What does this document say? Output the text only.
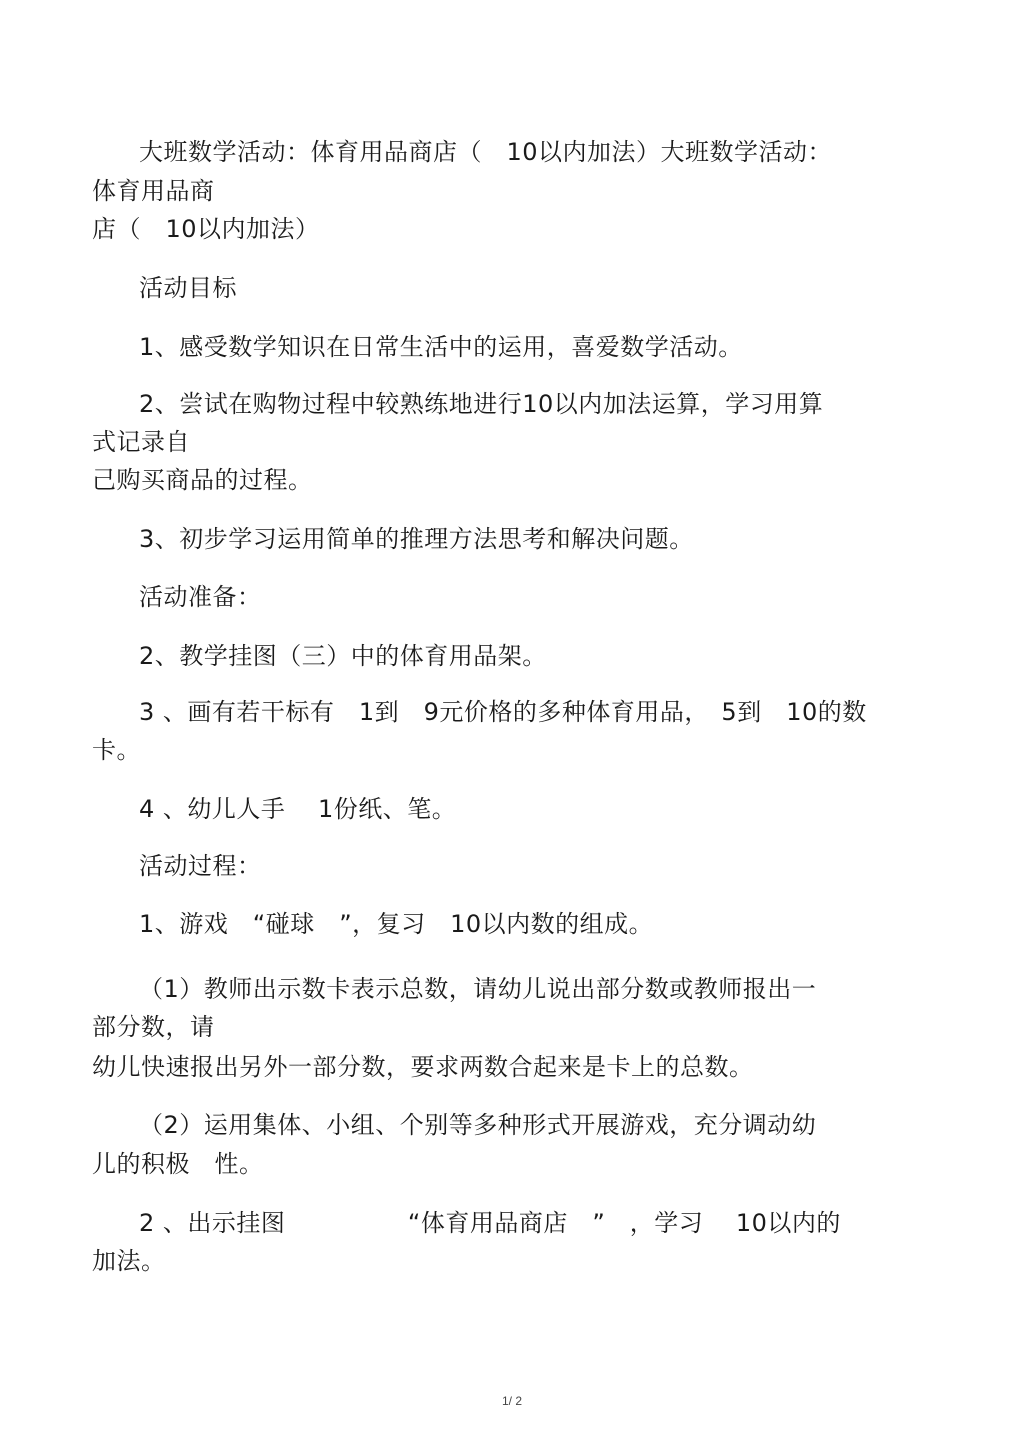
大班数学活动：体育用品商店（　10以内加法）大班数学活动：
体育用品商
店（　10以内加法）
活动目标
1、感受数学知识在日常生活中的运用，喜爱数学活动。
2、尝试在购物过程中较熟练地进行10以内加法运算，学习用算
式记录自
己购买商品的过程。
3、初步学习运用简单的推理方法思考和解决问题。
活动准备：
2、教学挂图（三）中的体育用品架。
3 、画有若干标有　1到　9元价格的多种体育用品，　5到　10的数
卡。
4 、幼儿人手　 1份纸、笔。
活动过程：
1、游戏　“碰球　”，复习　10以内数的组成。
（1）教师出示数卡表示总数，请幼儿说出部分数或教师报出一
部分数，请
幼儿快速报出另外一部分数，要求两数合起来是卡上的总数。
（2）运用集体、小组、个别等多种形式开展游戏，充分调动幼
儿的积极　性。
2 、出示挂图　　　　　“体育用品商店　”　，学习　 10以内的
加法。
1/ 2
